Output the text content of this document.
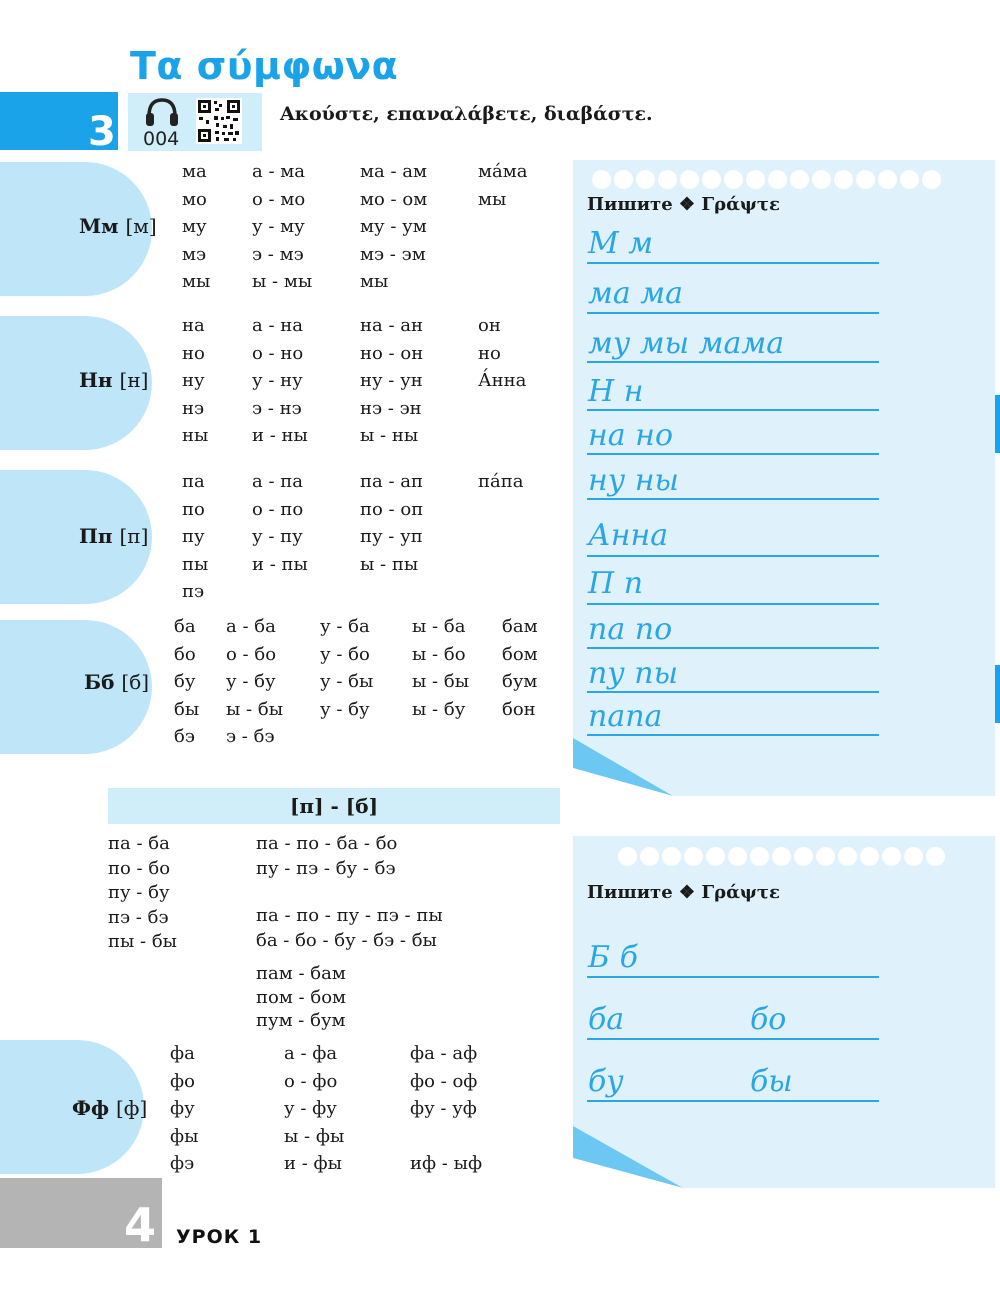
Τα σύμφωνα
3 004
Ακούστε, επαναλάβετε, διαβάστε.
Мм [м]
ма
мо
му
мэ
мы
а - ма
о - мо
у - му
э - мэ
ы - мы
ма - ам
мо - ом
му - ум
мэ - эм
мы
ма́ма
мы
Нн [н]
на
но
ну
нэ
ны
а - на
о - но
у - ну
э - нэ
и - ны
на - ан
но - он
ну - ун
нэ - эн
ы - ны
он
но
А́нна
Пп [п]
па
по
пу
пы
пэ
а - па
о - по
у - пу
и - пы
па - ап
по - оп
пу - уп
ы - пы
па́па
Бб [б]
ба
бо
бу
бы
бэ
а - ба
о - бо
у - бу
ы - бы
э - бэ
у - ба
у - бо
у - бы
у - бу
ы - ба
ы - бо
ы - бы
ы - бу
бам
бом
бум
бон
[п] - [б]
па - ба
по - бо
пу - бу
пэ - бэ
пы - бы
па - по - ба - бо
пу - пэ - бу - бэ
па - по - пу - пэ - пы
ба - бо - бу - бэ - бы
пам - бам
пом - бом
пум - бум
Фф [ф]
фа
фо
фу
фы
фэ
а - фа
о - фо
у - фу
ы - фы
и - фы
фа - аф
фо - оф
фу - уф
иф - ыф
Пишите ❖ Γράψτε
М м
ма ма
му мы мама
Н н
на но
ну ны
Анна
П п
па по
пу пы
папа
Пишите ❖ Γράψτε
Б б
ба	бо
бу	бы
4 УРОК 1
